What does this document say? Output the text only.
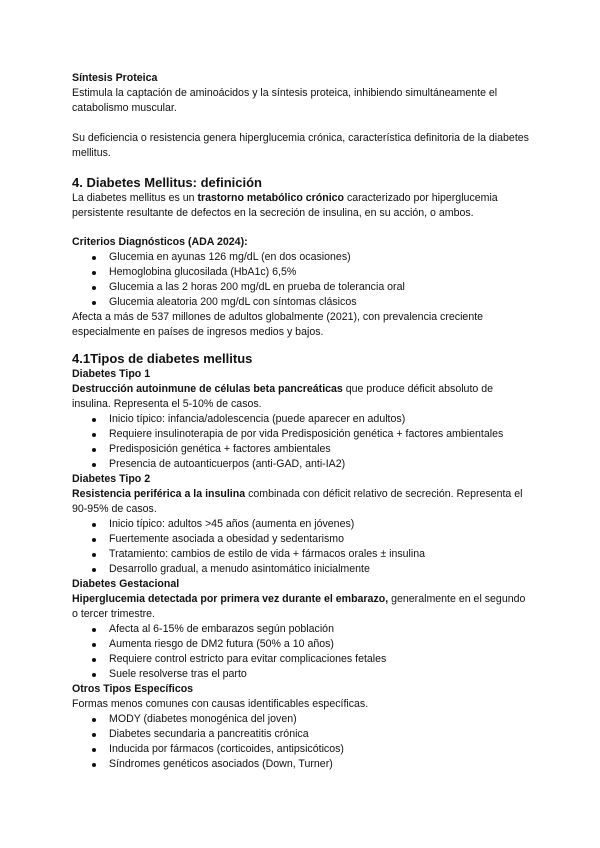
Síntesis Proteica

Estimula la captación de aminoácidos y la síntesis proteica, inhibiendo simultáneamente el catabolismo muscular.

Su deficiencia o resistencia genera hiperglucemia crónica, característica definitoria de la diabetes mellitus.

4. Diabetes Mellitus: definición

La diabetes mellitus es un trastorno metabólico crónico caracterizado por hiperglucemia persistente resultante de defectos en la secreción de insulina, en su acción, o ambos.

Criterios Diagnósticos (ADA 2024):

Glucemia en ayunas 126 mg/dL (en dos ocasiones)
Hemoglobina glucosilada (HbA1c) 6,5%
Glucemia a las 2 horas 200 mg/dL en prueba de tolerancia oral
Glucemia aleatoria 200 mg/dL con síntomas clásicos

Afecta a más de 537 millones de adultos globalmente (2021), con prevalencia creciente especialmente en países de ingresos medios y bajos.

4.1Tipos de diabetes mellitus

Diabetes Tipo 1

Destrucción autoinmune de células beta pancreáticas que produce déficit absoluto de insulina. Representa el 5-10% de casos.

Inicio típico: infancia/adolescencia (puede aparecer en adultos)
Requiere insulinoterapia de por vida Predisposición genética + factores ambientales
Predisposición genética + factores ambientales
Presencia de autoanticuerpos (anti-GAD, anti-IA2)

Diabetes Tipo 2

Resistencia periférica a la insulina combinada con déficit relativo de secreción. Representa el 90-95% de casos.

Inicio típico: adultos >45 años (aumenta en jóvenes)
Fuertemente asociada a obesidad y sedentarismo
Tratamiento: cambios de estilo de vida + fármacos orales ± insulina
Desarrollo gradual, a menudo asintomático inicialmente

Diabetes Gestacional

Hiperglucemia detectada por primera vez durante el embarazo, generalmente en el segundo o tercer trimestre.

Afecta al 6-15% de embarazos según población
Aumenta riesgo de DM2 futura (50% a 10 años)
Requiere control estricto para evitar complicaciones fetales
Suele resolverse tras el parto

Otros Tipos Específicos

Formas menos comunes con causas identificables específicas.

MODY (diabetes monogénica del joven)
Diabetes secundaria a pancreatitis crónica
Inducida por fármacos (corticoides, antipsicóticos)
Síndromes genéticos asociados (Down, Turner)
